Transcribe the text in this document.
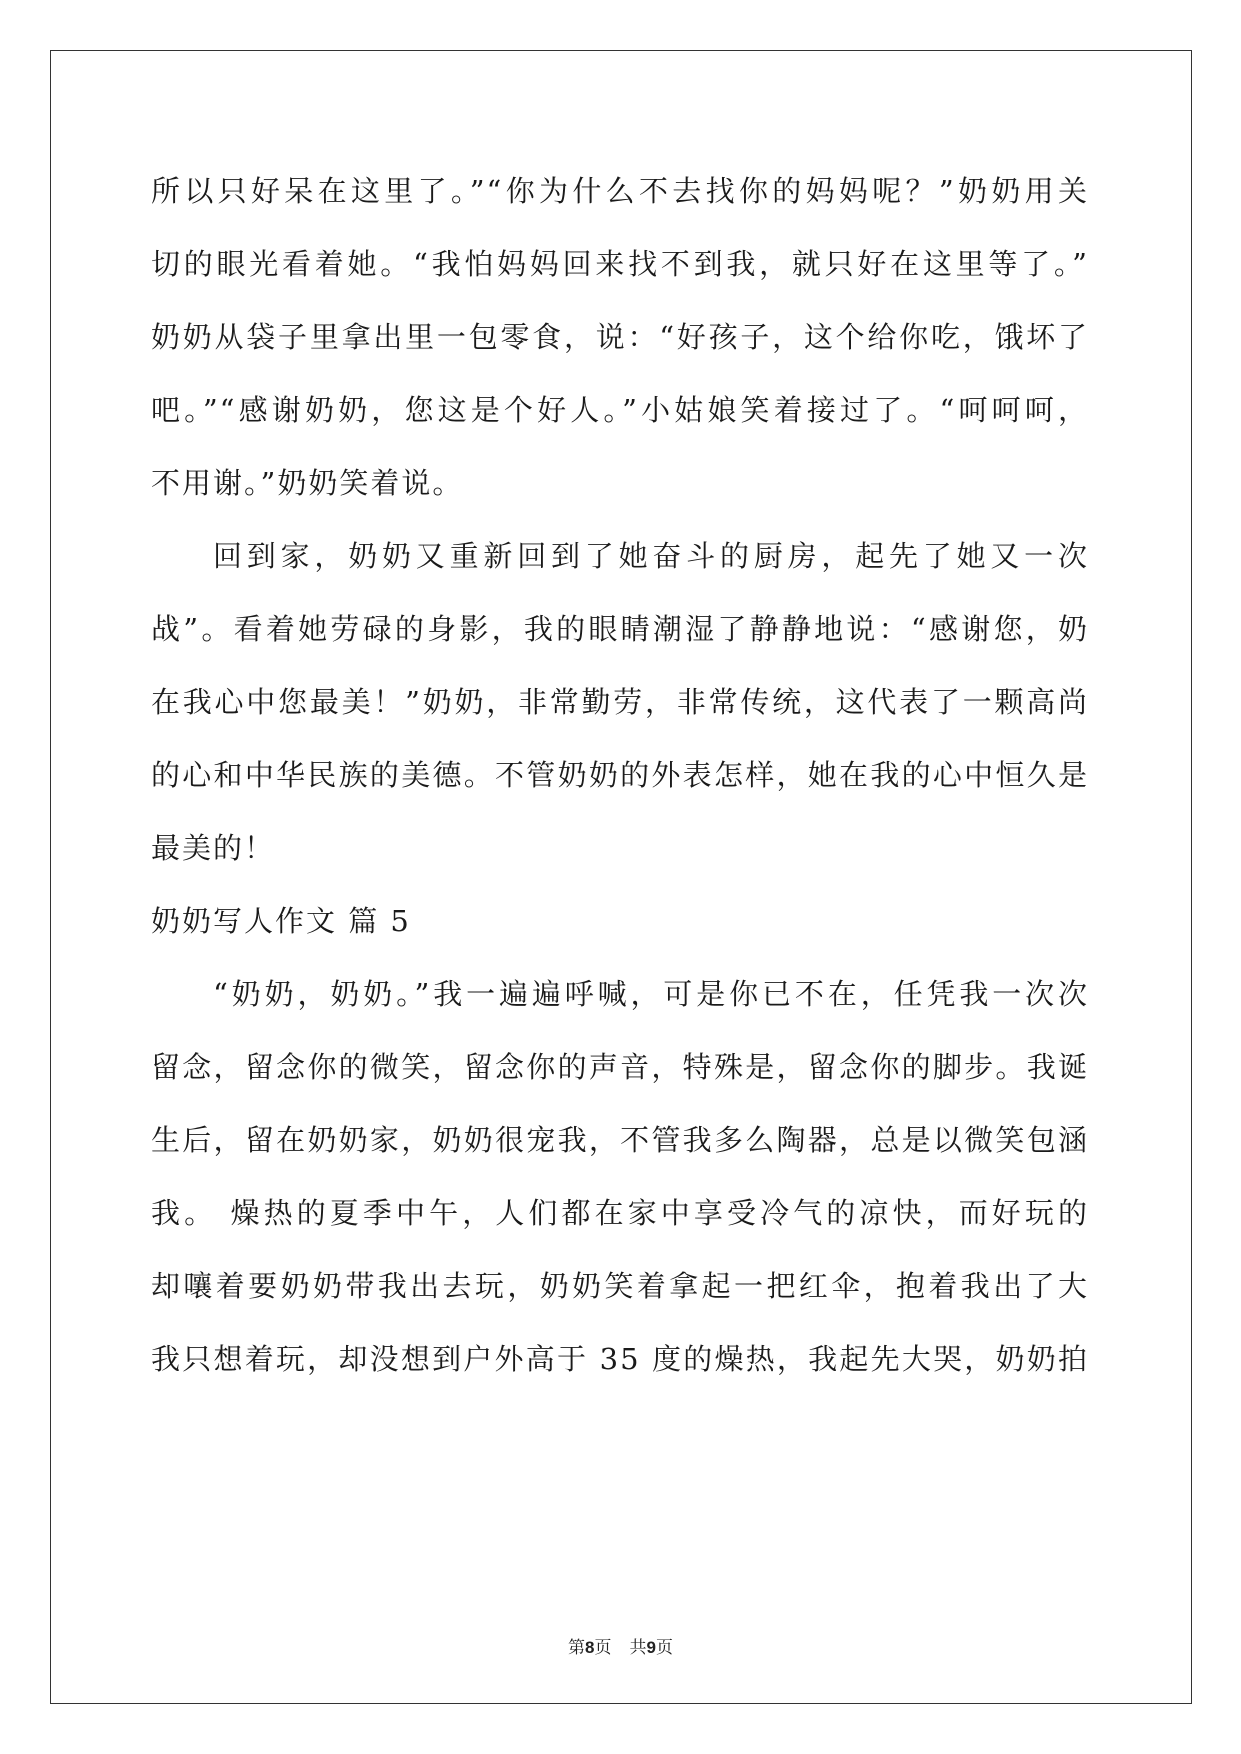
所以只好呆在这里了。”“你为什么不去找你的妈妈呢？”奶奶用关
切的眼光看着她。“我怕妈妈回来找不到我，就只好在这里等了。”
奶奶从袋子里拿出里一包零食，说：“好孩子，这个给你吃，饿坏了
吧。”“感谢奶奶，您这是个好人。”小姑娘笑着接过了。“呵呵呵，
不用谢。”奶奶笑着说。
回到家，奶奶又重新回到了她奋斗的厨房，起先了她又一次
战”。看着她劳碌的身影，我的眼睛潮湿了静静地说：“感谢您，奶
在我心中您最美！”奶奶，非常勤劳，非常传统，这代表了一颗高尚
的心和中华民族的美德。不管奶奶的外表怎样，她在我的心中恒久是
最美的！
奶奶写人作文 篇 5
“奶奶，奶奶。”我一遍遍呼喊，可是你已不在，任凭我一次次
留念，留念你的微笑，留念你的声音，特殊是，留念你的脚步。我诞
生后，留在奶奶家，奶奶很宠我，不管我多么陶器，总是以微笑包涵
我。 燥热的夏季中午，人们都在家中享受冷气的凉快，而好玩的
却嚷着要奶奶带我出去玩，奶奶笑着拿起一把红伞，抱着我出了大
我只想着玩，却没想到户外高于 35 度的燥热，我起先大哭，奶奶拍
第8页 共9页
